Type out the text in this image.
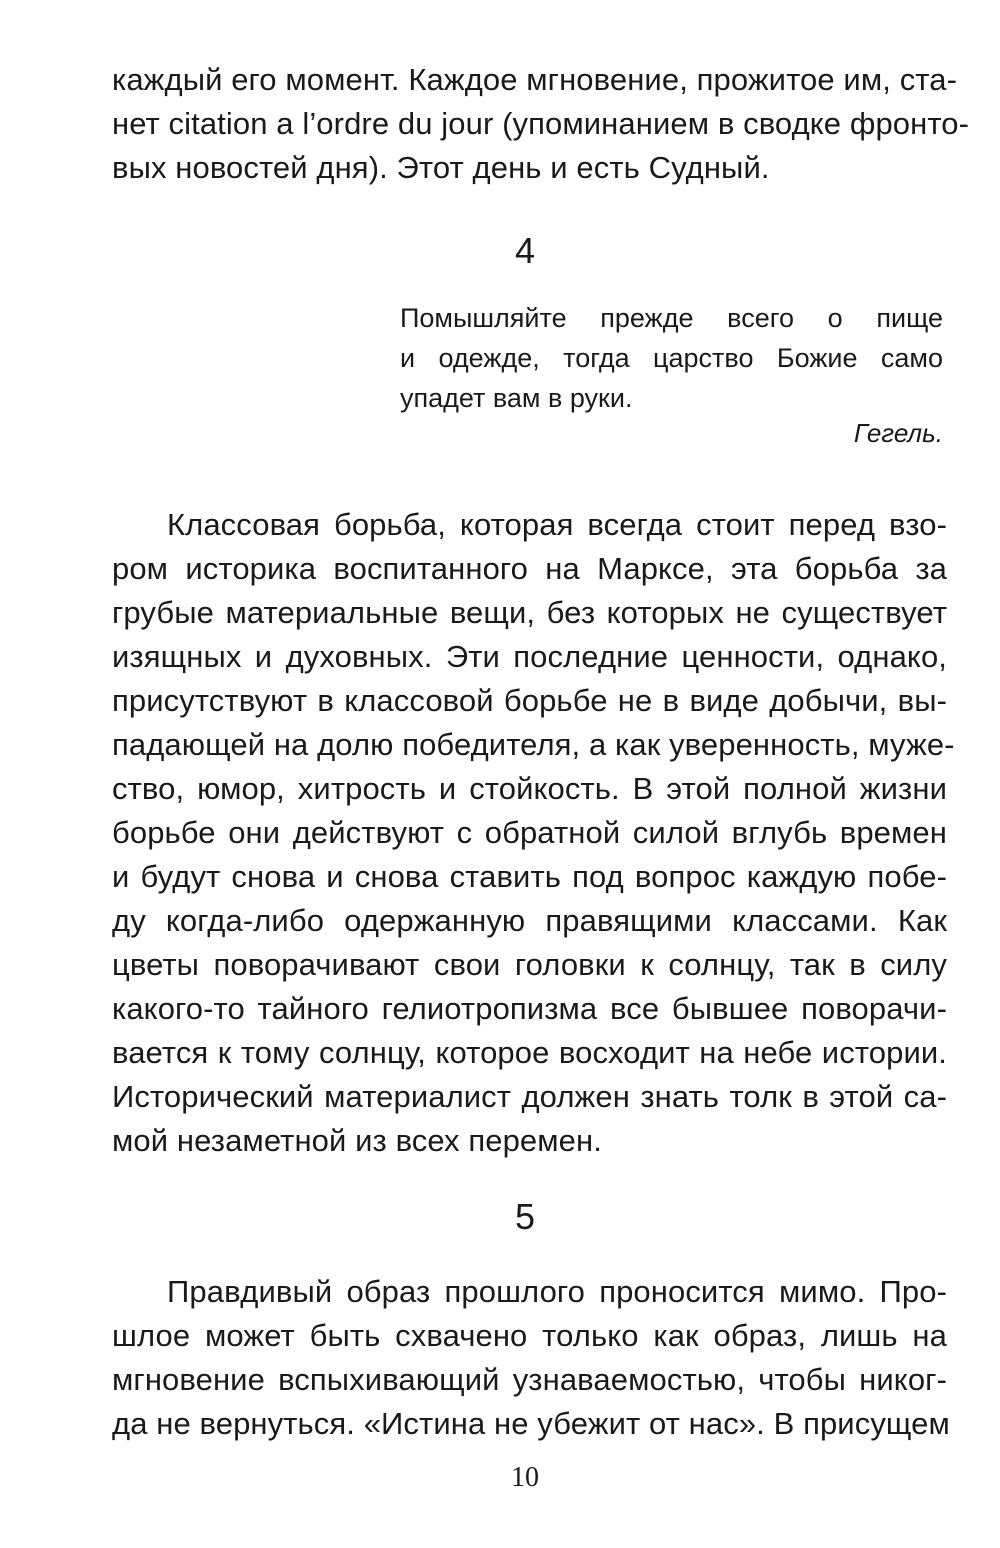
каждый его момент. Каждое мгновение, прожитое им, ста-
нет citation a l’ordre du jour (упоминанием в сводке фронто-
вых новостей дня). Этот день и есть Судный.
4
Помышляйте прежде всего о пище
и одежде, тогда царство Божие само
упадет вам в руки.
Гегель.
Классовая борьба, которая всегда стоит перед взо-
ром историка воспитанного на Марксе, эта борьба за
грубые материальные вещи, без которых не существует
изящных и духовных. Эти последние ценности, однако,
присутствуют в классовой борьбе не в виде добычи, вы-
падающей на долю победителя, а как уверенность, муже-
ство, юмор, хитрость и стойкость. В этой полной жизни
борьбе они действуют с обратной силой вглубь времен
и будут снова и снова ставить под вопрос каждую побе-
ду когда-либо одержанную правящими классами. Как
цветы поворачивают свои головки к солнцу, так в силу
какого-то тайного гелиотропизма все бывшее поворачи-
вается к тому солнцу, которое восходит на небе истории.
Исторический материалист должен знать толк в этой са-
мой незаметной из всех перемен.
5
Правдивый образ прошлого проносится мимо. Про-
шлое может быть схвачено только как образ, лишь на
мгновение вспыхивающий узнаваемостью, чтобы никог-
да не вернуться. «Истина не убежит от нас». В присущем
10
